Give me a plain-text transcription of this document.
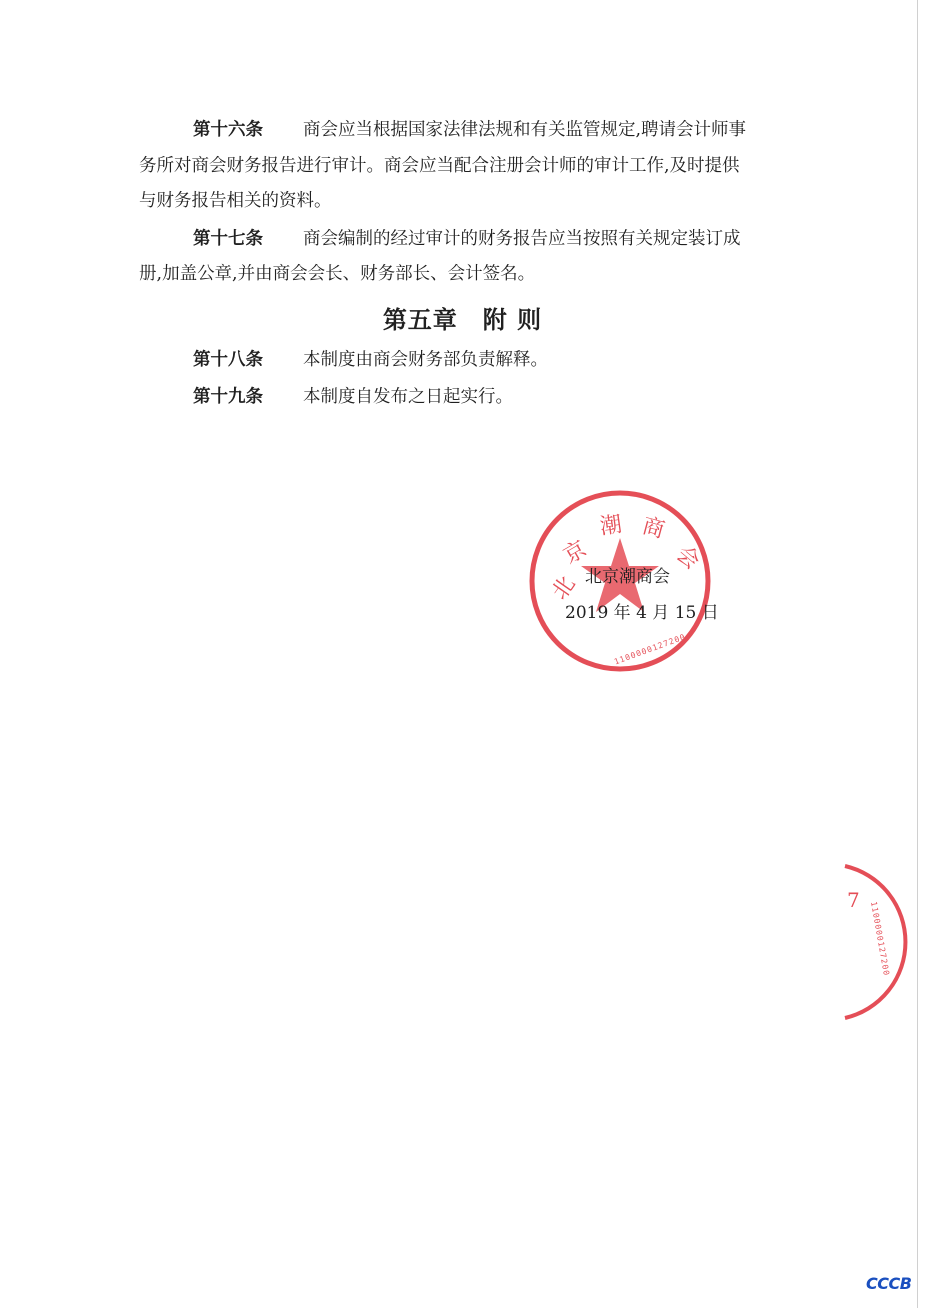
第十六条 商会应当根据国家法律法规和有关监管规定,聘请会计师事
务所对商会财务报告进行审计。商会应当配合注册会计师的审计工作,及时提供
与财务报告相关的资料。
第十七条 商会编制的经过审计的财务报告应当按照有关规定装订成
册,加盖公章,并由商会会长、财务部长、会计签名。
第五章　附 则
第十八条 本制度由商会财务部负责解释。
第十九条 本制度自发布之日起实行。
北
京
潮 商
会
1100000127200
北京潮商会
2019 年 4 月 15 日
7
1100000127200
CCCB
